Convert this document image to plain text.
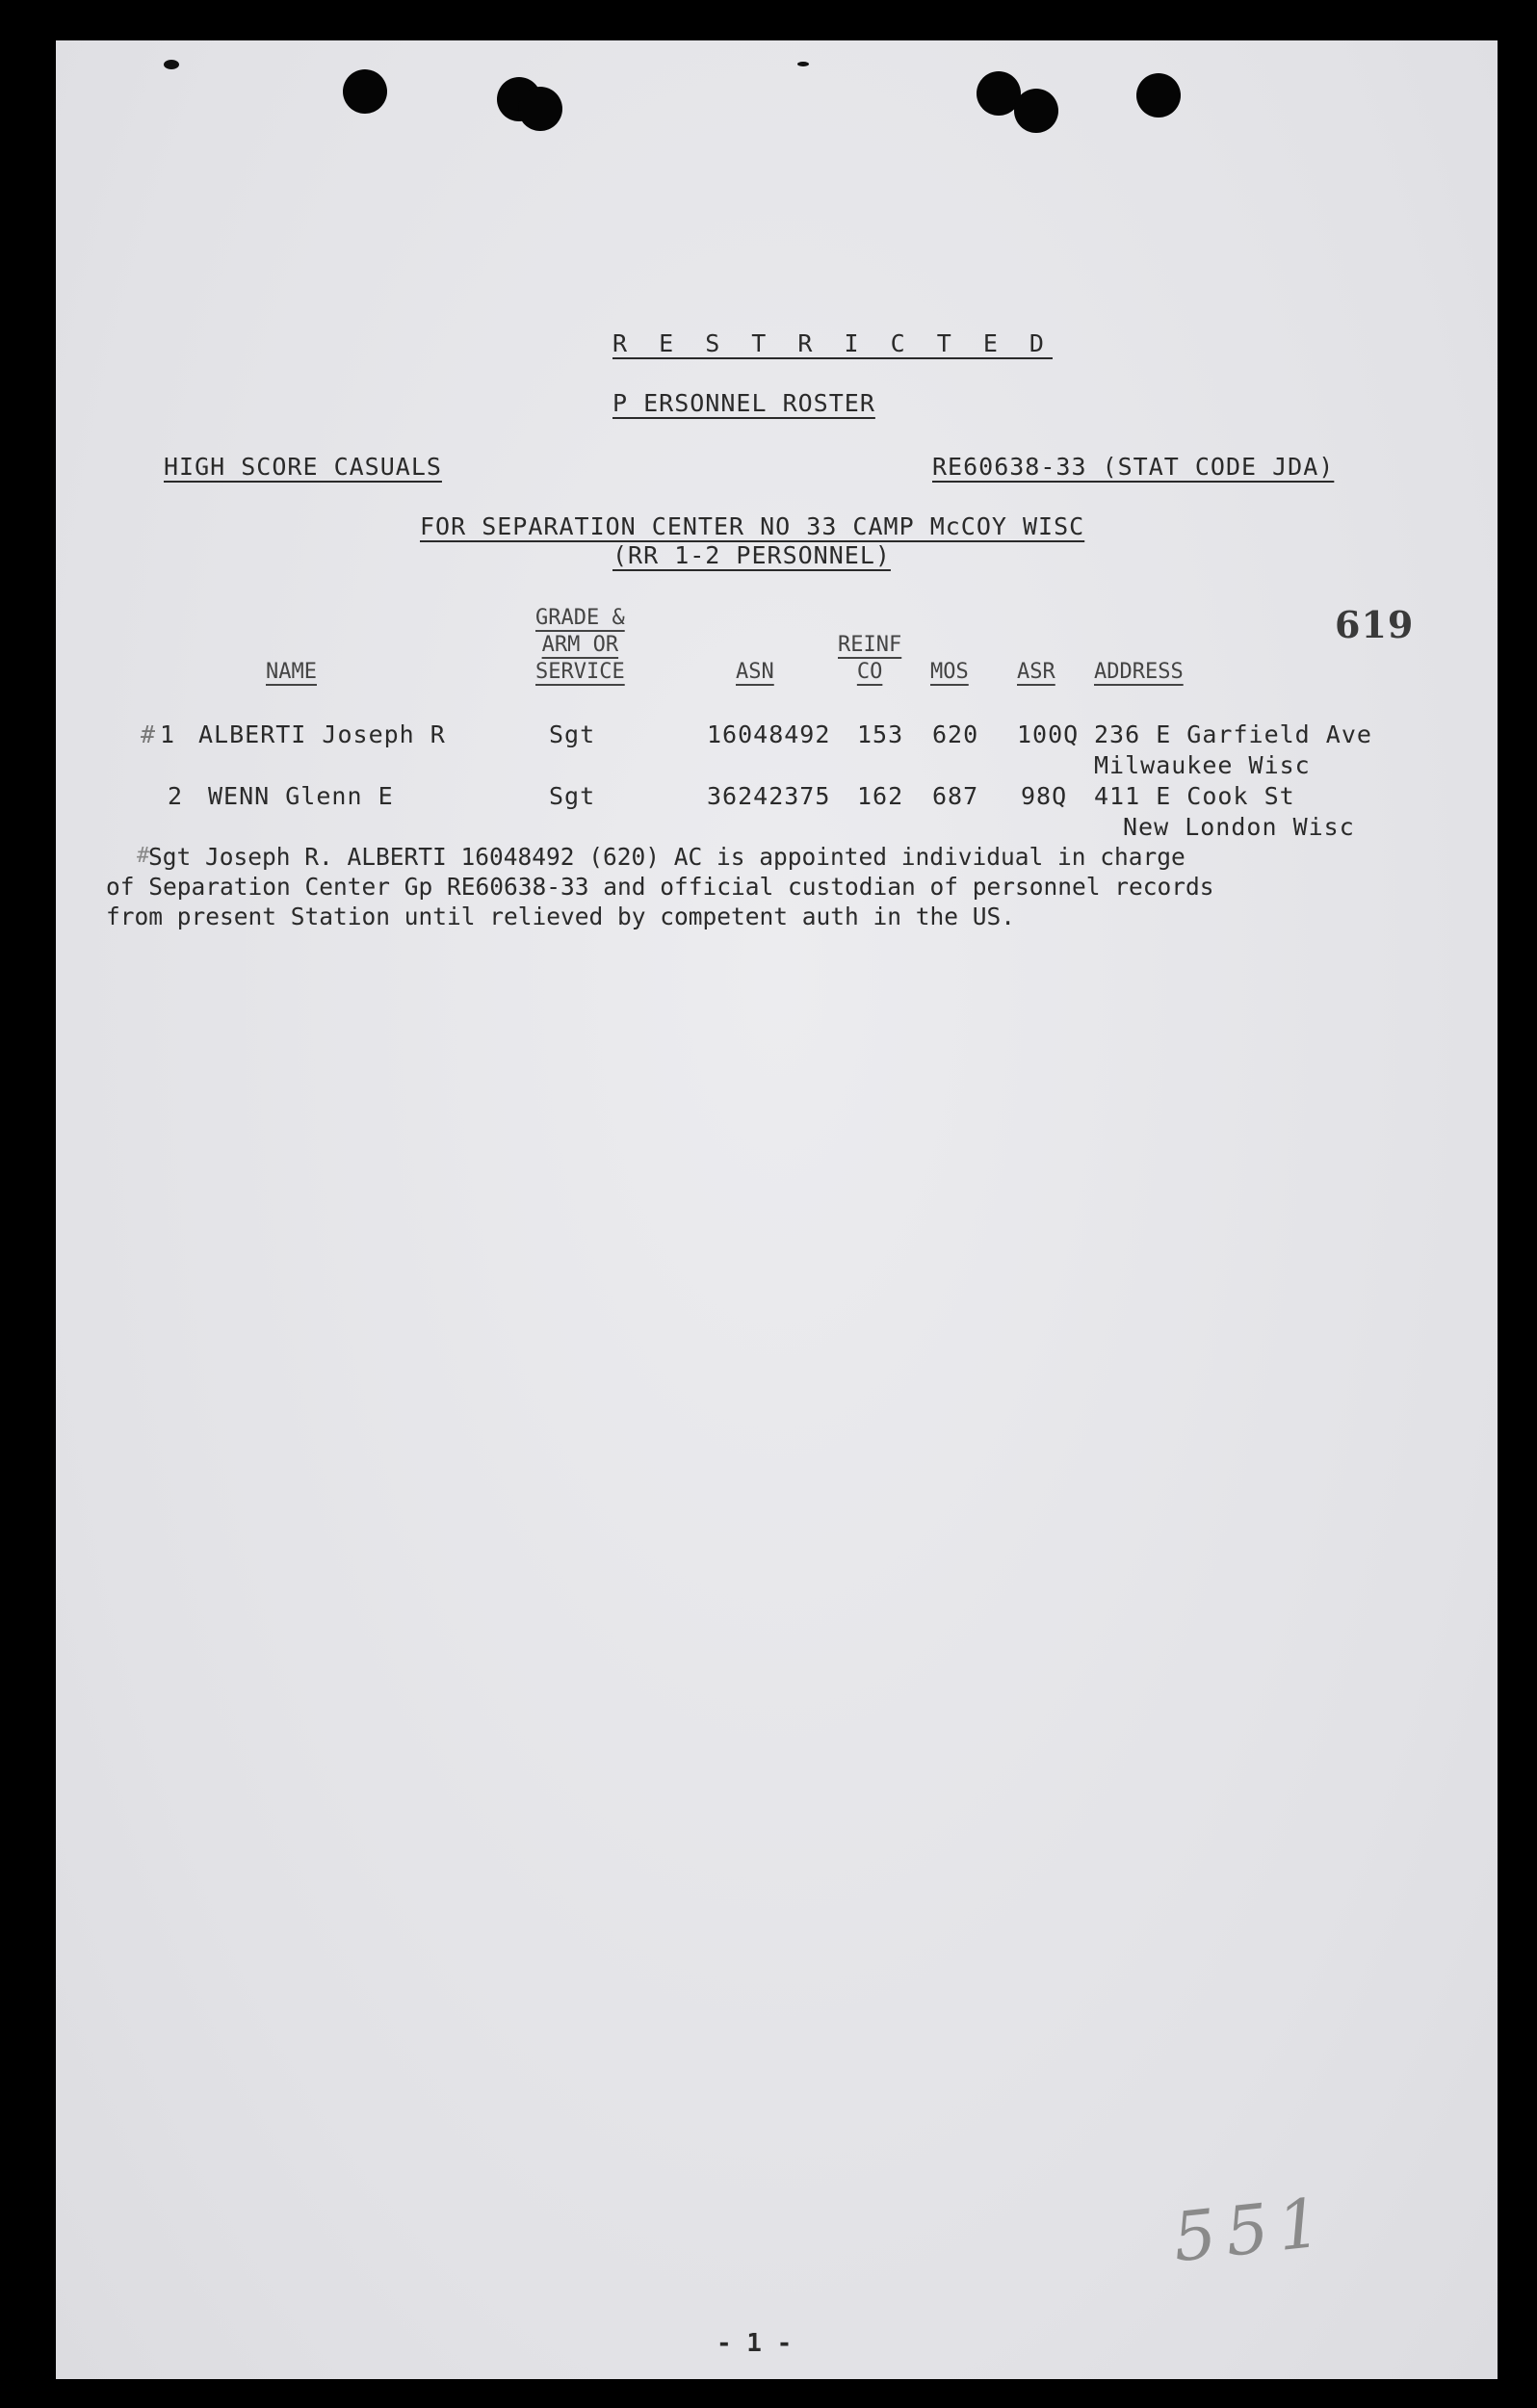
R E S T R I C T E D
P ERSONNEL ROSTER
HIGH SCORE CASUALS	RE60638-33 (STAT CODE JDA)
FOR SEPARATION CENTER NO 33 CAMP McCOY WISC
(RR 1-2 PERSONNEL)
619
NAME
GRADE &
ARM OR
SERVICE	ASN
REINF
CO	MOS ASR ADDRESS
# 1 ALBERTI Joseph R	Sgt	16048492 153 620 100Q 236 E Garfield Ave
Milwaukee Wisc
2 WENN Glenn E	Sgt	36242375 162 687 98Q 411 E Cook St
New London Wisc
#
Sgt Joseph R. ALBERTI 16048492 (620) AC is appointed individual in charge
of Separation Center Gp RE60638-33 and official custodian of personnel records
from present Station until relieved by competent auth in the US.
551
- 1 -
